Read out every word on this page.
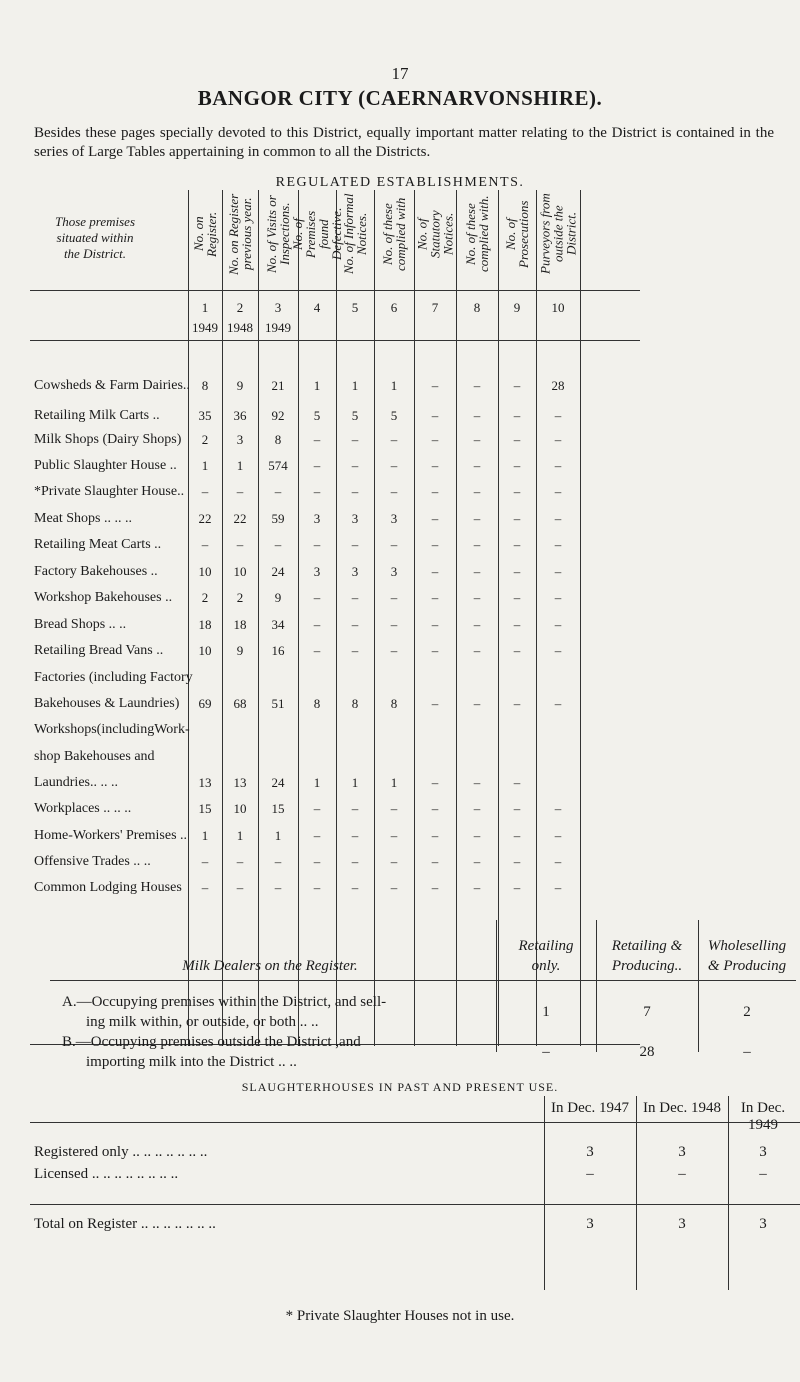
17
BANGOR CITY (CAERNARVONSHIRE).
Besides these pages specially devoted to this District, equally important matter relating to the District is contained in the series of Large Tables appertaining in common to all the Districts.
REGULATED ESTABLISHMENTS.
Those premises
situated within
the District.
No. on Register.
1
1949
No. on Register
previous year.
2
1948
No. of Visits or
Inspections.
3
1949
No. of Premises
found Defective.
4
No. of Informal
Notices.
5
No. of these
complied with
6
No. of Statutory
Notices.
7
No. of these
complied with.
8
No. of Prosecutions
9
Purveyors from
outside the District.
10
Cowsheds & Farm Dairies.. 8	9	21	1	1	1	–	–	–	28
Retailing Milk Carts ..	35	36	92	5	5	5	–	–	–	–
Milk Shops (Dairy Shops)	2	3	8	–	–	–	–	–	–	–
Public Slaughter House ..	1	1	574	–	–	–	–	–	–	–
*Private Slaughter House..	–	–	–	–	–	–	–	–	–	–
Meat Shops .. .. ..	22	22	59	3	3	3	–	–	–	–
Retailing Meat Carts ..	–	–	–	–	–	–	–	–	–	–
Factory Bakehouses ..	10	10	24	3	3	3	–	–	–	–
Workshop Bakehouses ..	2	2	9	–	–	–	–	–	–	–
Bread Shops .. ..	18	18	34	–	–	–	–	–	–	–
Retailing Bread Vans ..	10	9	16	–	–	–	–	–	–	–
Factories (including Factory
Bakehouses & Laundries)	69	68	51	8	8	8	–	–	–	–
Workshops(includingWork-
shop Bakehouses and
Laundries.. .. ..	13	13	24	1	1	1	–	–	–
Workplaces .. .. ..	15	10	15	–	–	–	–	–	–	–
Home-Workers' Premises ..	1	1	1	–	–	–	–	–	–	–
Offensive Trades .. ..	–	–	–	–	–	–	–	–	–	–
Common Lodging Houses	–	–	–	–	–	–	–	–	–	–
Milk Dealers on the Register.
Retailing
only.
Retailing &
Producing..
Wholeselling
& Producing
A.—Occupying premises within the District, and sell-
ing milk within, or outside, or both .. ..
1	7	2
B.—Occupying premises outside the District ,and
importing milk into the District .. ..
–	28	–
SLAUGHTERHOUSES IN PAST AND PRESENT USE.
In Dec. 1947 In Dec. 1948	In Dec. 1949
Registered only .. .. .. .. .. .. ..	3	3	3
Licensed .. .. .. .. .. .. .. ..	–	–	–
Total on Register .. .. .. .. .. .. ..	3	3	3
* Private Slaughter Houses not in use.
